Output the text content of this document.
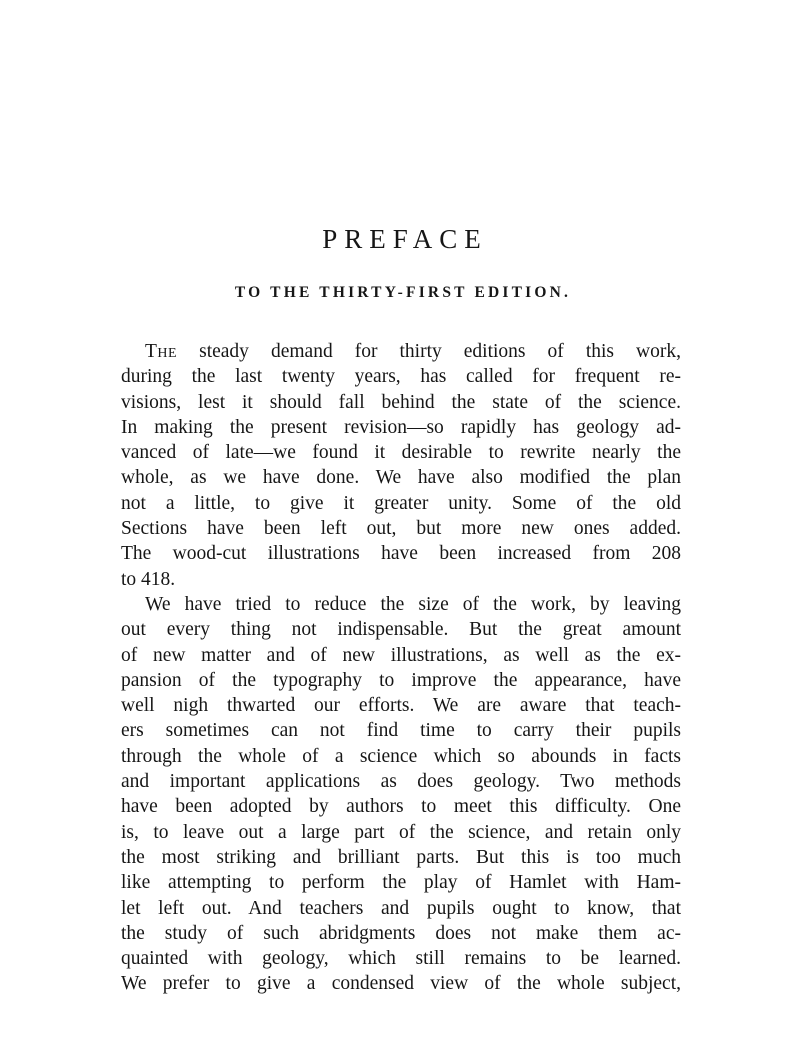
PREFACE
TO THE THIRTY-FIRST EDITION.
The steady demand for thirty editions of this work,
during the last twenty years, has called for frequent re-
visions, lest it should fall behind the state of the science.
In making the present revision—so rapidly has geology ad-
vanced of late—we found it desirable to rewrite nearly the
whole, as we have done. We have also modified the plan
not a little, to give it greater unity. Some of the old
Sections have been left out, but more new ones added.
The wood-cut illustrations have been increased from 208
to 418.
We have tried to reduce the size of the work, by leaving
out every thing not indispensable. But the great amount
of new matter and of new illustrations, as well as the ex-
pansion of the typography to improve the appearance, have
well nigh thwarted our efforts. We are aware that teach-
ers sometimes can not find time to carry their pupils
through the whole of a science which so abounds in facts
and important applications as does geology. Two methods
have been adopted by authors to meet this difficulty. One
is, to leave out a large part of the science, and retain only
the most striking and brilliant parts. But this is too much
like attempting to perform the play of Hamlet with Ham-
let left out. And teachers and pupils ought to know, that
the study of such abridgments does not make them ac-
quainted with geology, which still remains to be learned.
We prefer to give a condensed view of the whole subject,
